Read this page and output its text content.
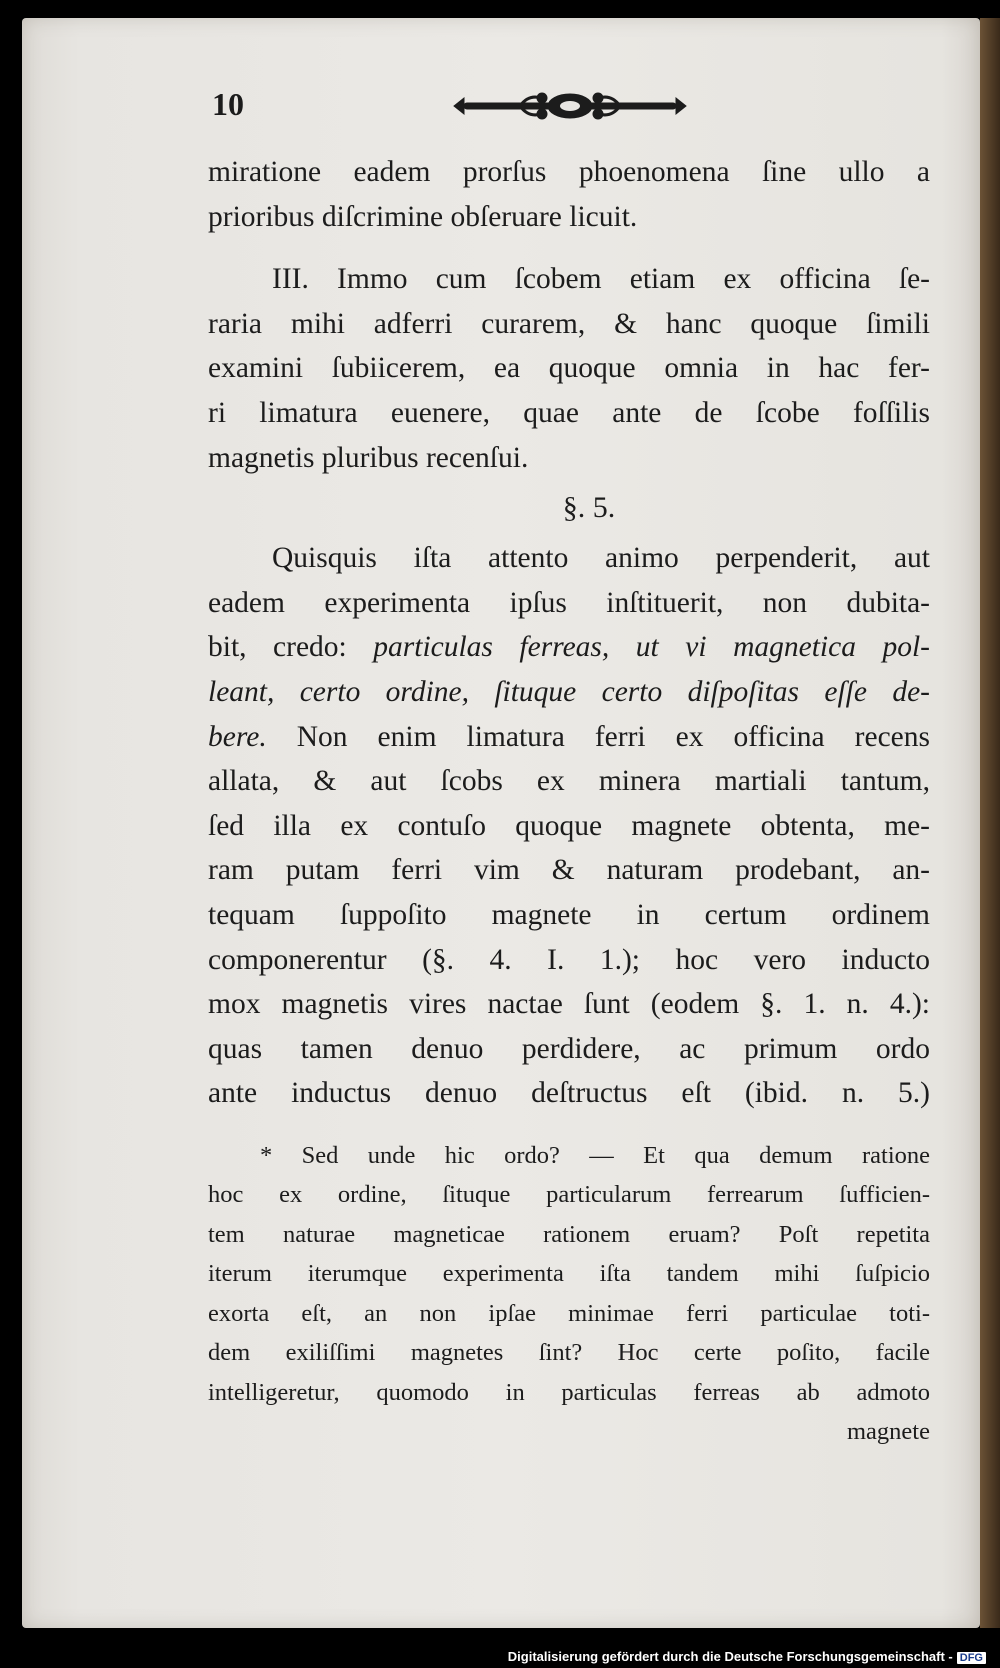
10
miratione eadem prorſus phoenomena ſine ullo a
prioribus diſcrimine obſeruare licuit.
III. Immo cum ſcobem etiam ex officina ſe-
raria mihi adferri curarem, & hanc quoque ſimili
examini ſubiicerem, ea quoque omnia in hac fer-
ri limatura euenere, quae ante de ſcobe foſſilis
magnetis pluribus recenſui.
§. 5.
Quisquis iſta attento animo perpenderit, aut
eadem experimenta ipſus inſtituerit, non dubita-
bit, credo: particulas ferreas, ut vi magnetica pol-
leant, certo ordine, ſituque certo diſpoſitas eſſe de-
bere. Non enim limatura ferri ex officina recens
allata, & aut ſcobs ex minera martiali tantum,
ſed illa ex contuſo quoque magnete obtenta, me-
ram putam ferri vim & naturam prodebant, an-
tequam ſuppoſito magnete in certum ordinem
componerentur (§. 4. I. 1.); hoc vero inducto
mox magnetis vires nactae ſunt (eodem §. 1. n. 4.):
quas tamen denuo perdidere, ac primum ordo
ante inductus denuo deſtructus eſt (ibid. n. 5.)
* Sed unde hic ordo? — Et qua demum ratione
hoc ex ordine, ſituque particularum ferrearum ſufficien-
tem naturae magneticae rationem eruam? Poſt repetita
iterum iterumque experimenta iſta tandem mihi ſuſpicio
exorta eſt, an non ipſae minimae ferri particulae toti-
dem exiliſſimi magnetes ſint? Hoc certe poſito, facile
intelligeretur, quomodo in particulas ferreas ab admoto
magnete
Digitalisierung gefördert durch die Deutsche Forschungsgemeinschaft - DFG
